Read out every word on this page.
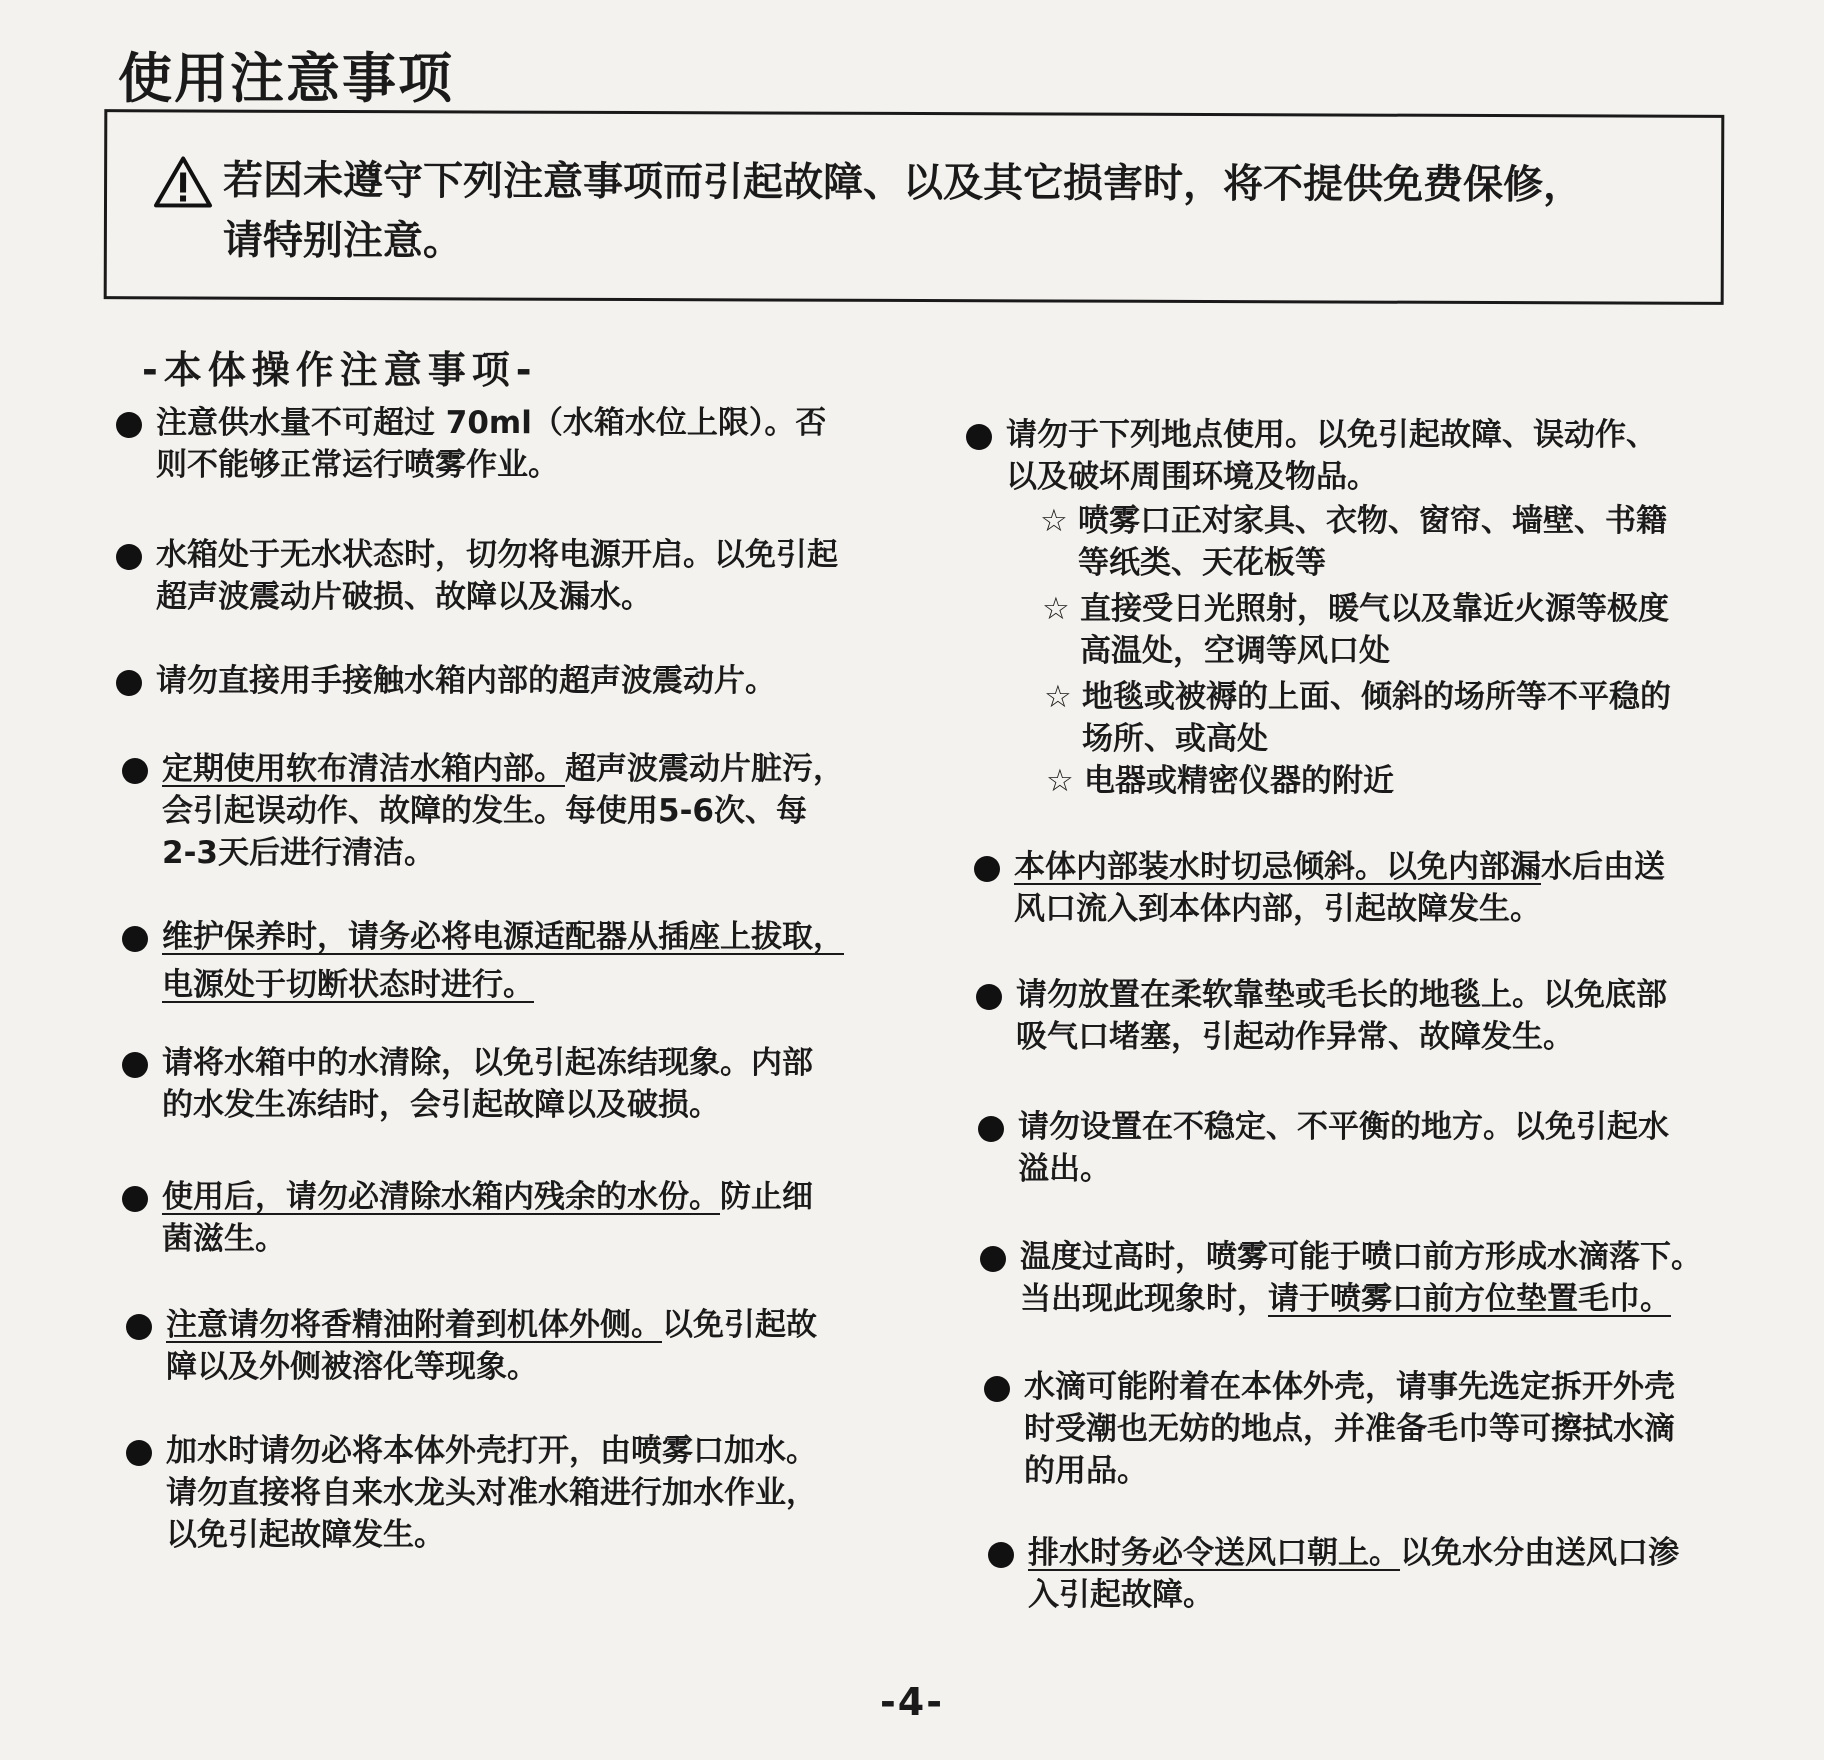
使用注意事项
若因未遵守下列注意事项而引起故障、以及其它损害时，将不提供免费保修，
请特别注意。
-本体操作注意事项-
注意供水量不可超过 70ml（水箱水位上限）。否
则不能够正常运行喷雾作业。
水箱处于无水状态时，切勿将电源开启。以免引起
超声波震动片破损、故障以及漏水。
请勿直接用手接触水箱内部的超声波震动片。
定期使用软布清洁水箱内部。超声波震动片脏污，
会引起误动作、故障的发生。每使用5-6次、每
2-3天后进行清洁。
维护保养时，请务必将电源适配器从插座上拔取，
电源处于切断状态时进行。
请将水箱中的水清除，以免引起冻结现象。内部
的水发生冻结时，会引起故障以及破损。
使用后，请勿必清除水箱内残余的水份。防止细
菌滋生。
注意请勿将香精油附着到机体外侧。以免引起故
障以及外侧被溶化等现象。
加水时请勿必将本体外壳打开，由喷雾口加水。
请勿直接将自来水龙头对准水箱进行加水作业，
以免引起故障发生。
请勿于下列地点使用。以免引起故障、误动作、
以及破坏周围环境及物品。
☆ 喷雾口正对家具、衣物、窗帘、墙壁、书籍
等纸类、天花板等
☆ 直接受日光照射，暖气以及靠近火源等极度
高温处，空调等风口处
☆ 地毯或被褥的上面、倾斜的场所等不平稳的
场所、或高处
☆ 电器或精密仪器的附近
本体内部装水时切忌倾斜。以免内部漏水后由送
风口流入到本体内部，引起故障发生。
请勿放置在柔软靠垫或毛长的地毯上。以免底部
吸气口堵塞，引起动作异常、故障发生。
请勿设置在不稳定、不平衡的地方。以免引起水
溢出。
温度过高时，喷雾可能于喷口前方形成水滴落下。
当出现此现象时，请于喷雾口前方位垫置毛巾。
水滴可能附着在本体外壳，请事先选定拆开外壳
时受潮也无妨的地点，并准备毛巾等可擦拭水滴
的用品。
排水时务必令送风口朝上。以免水分由送风口渗
入引起故障。
-4-
